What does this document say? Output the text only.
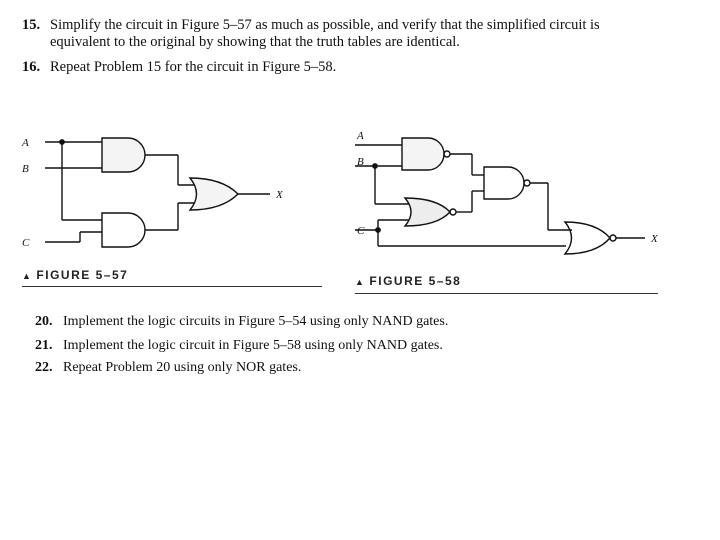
15. Simplify the circuit in Figure 5–57 as much as possible, and verify that the simplified circuit is
equivalent to the original by showing that the truth tables are identical.
16. Repeat Problem 15 for the circuit in Figure 5–58.
A
B
C
X
A
B
C
X
▲ FIGURE 5–57	▲ FIGURE 5–58
20. Implement the logic circuits in Figure 5–54 using only NAND gates.
21. Implement the logic circuit in Figure 5–58 using only NAND gates.
22. Repeat Problem 20 using only NOR gates.
